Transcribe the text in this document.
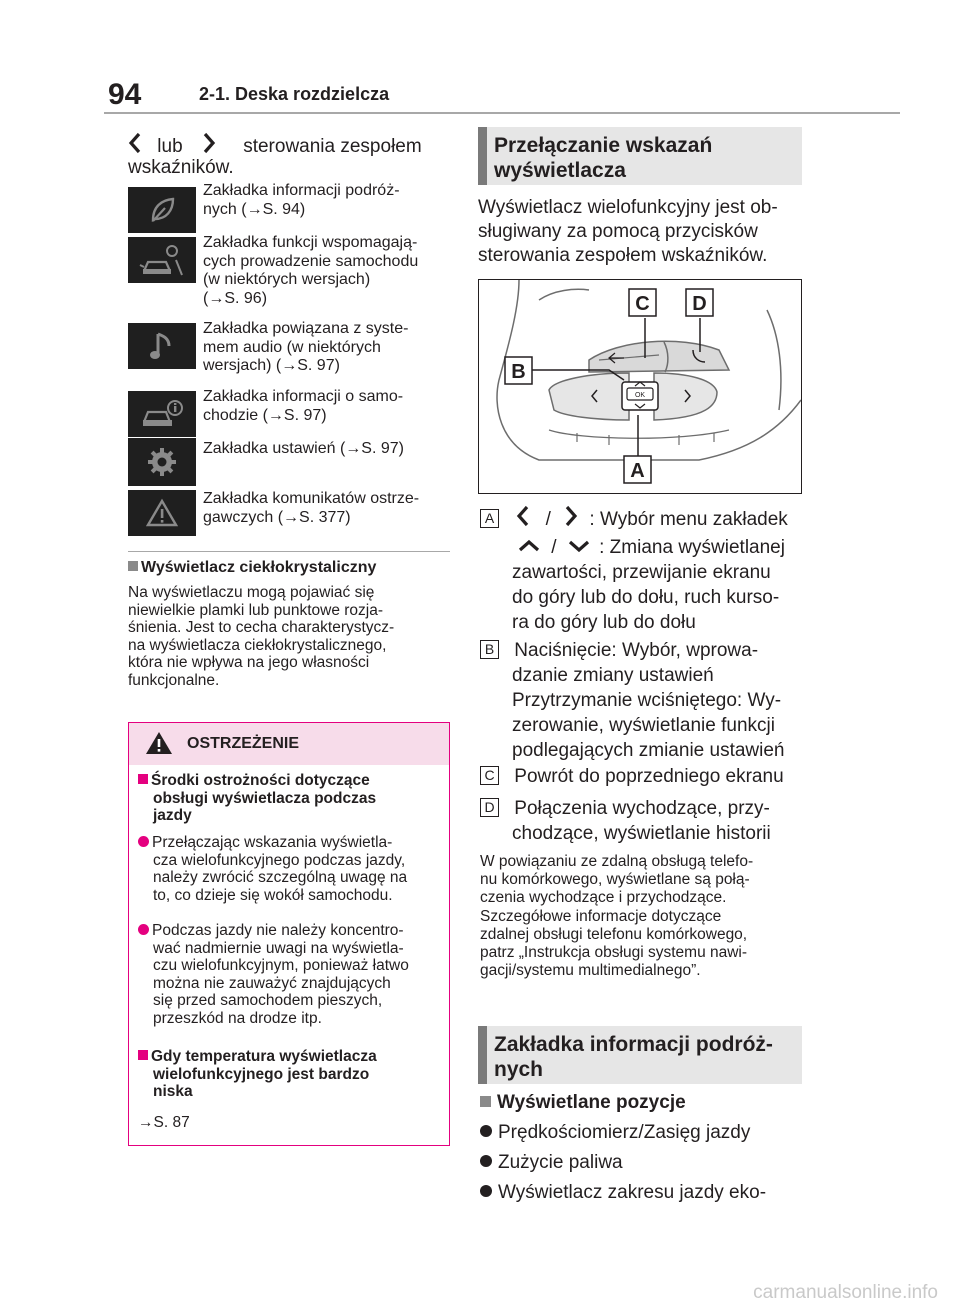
94	2-1. Deska rozdzielcza
lub	sterowania zespołem
wskaźników.
Zakładka informacji podróż-
nych (→S. 94)
Zakładka funkcji wspomagają-
cych prowadzenie samochodu
(w niektórych wersjach)
(→S. 96)
Zakładka powiązana z syste-
mem audio (w niektórych
wersjach) (→S. 97)
Zakładka informacji o samo-
chodzie (→S. 97)
Zakładka ustawień (→S. 97)
Zakładka komunikatów ostrze-
gawczych (→S. 377)
Wyświetlacz ciekłokrystaliczny
Na wyświetlaczu mogą pojawiać się
niewielkie plamki lub punktowe rozja-
śnienia. Jest to cecha charakterystycz-
na wyświetlacza ciekłokrystalicznego,
która nie wpływa na jego własności
funkcjonalne.
OSTRZEŻENIE
Środki ostrożności dotyczące
obsługi wyświetlacza podczas
jazdy
Przełączając wskazania wyświetla-
cza wielofunkcyjnego podczas jazdy,
należy zwrócić szczególną uwagę na
to, co dzieje się wokół samochodu.
Podczas jazdy nie należy koncentro-
wać nadmiernie uwagi na wyświetla-
czu wielofunkcyjnym, ponieważ łatwo
można nie zauważyć znajdujących
się przed samochodem pieszych,
przeszkód na drodze itp.
Gdy temperatura wyświetlacza
wielofunkcyjnego jest bardzo
niska
→S. 87
Przełączanie wskazań
wyświetlacza
Wyświetlacz wielofunkcyjny jest ob-
sługiwany za pomocą przycisków
sterowania zespołem wskaźników.
OK
C D
B
A
A	/ : Wybór menu zakładek
/ : Zmiana wyświetlanej
zawartości, przewijanie ekranu
do góry lub do dołu, ruch kurso-
ra do góry lub do dołu
B Naciśnięcie: Wybór, wprowa-
dzanie zmiany ustawień
Przytrzymanie wciśniętego: Wy-
zerowanie, wyświetlanie funkcji
podlegających zmianie ustawień
C Powrót do poprzedniego ekranu
D Połączenia wychodzące, przy-
chodzące, wyświetlanie historii
W powiązaniu ze zdalną obsługą telefo-
nu komórkowego, wyświetlane są połą-
czenia wychodzące i przychodzące.
Szczegółowe informacje dotyczące
zdalnej obsługi telefonu komórkowego,
patrz „Instrukcja obsługi systemu nawi-
gacji/systemu multimedialnego”.
Zakładka informacji podróż-
nych
Wyświetlane pozycje
Prędkościomierz/Zasięg jazdy
Zużycie paliwa
Wyświetlacz zakresu jazdy eko-
carmanualsonline.info
